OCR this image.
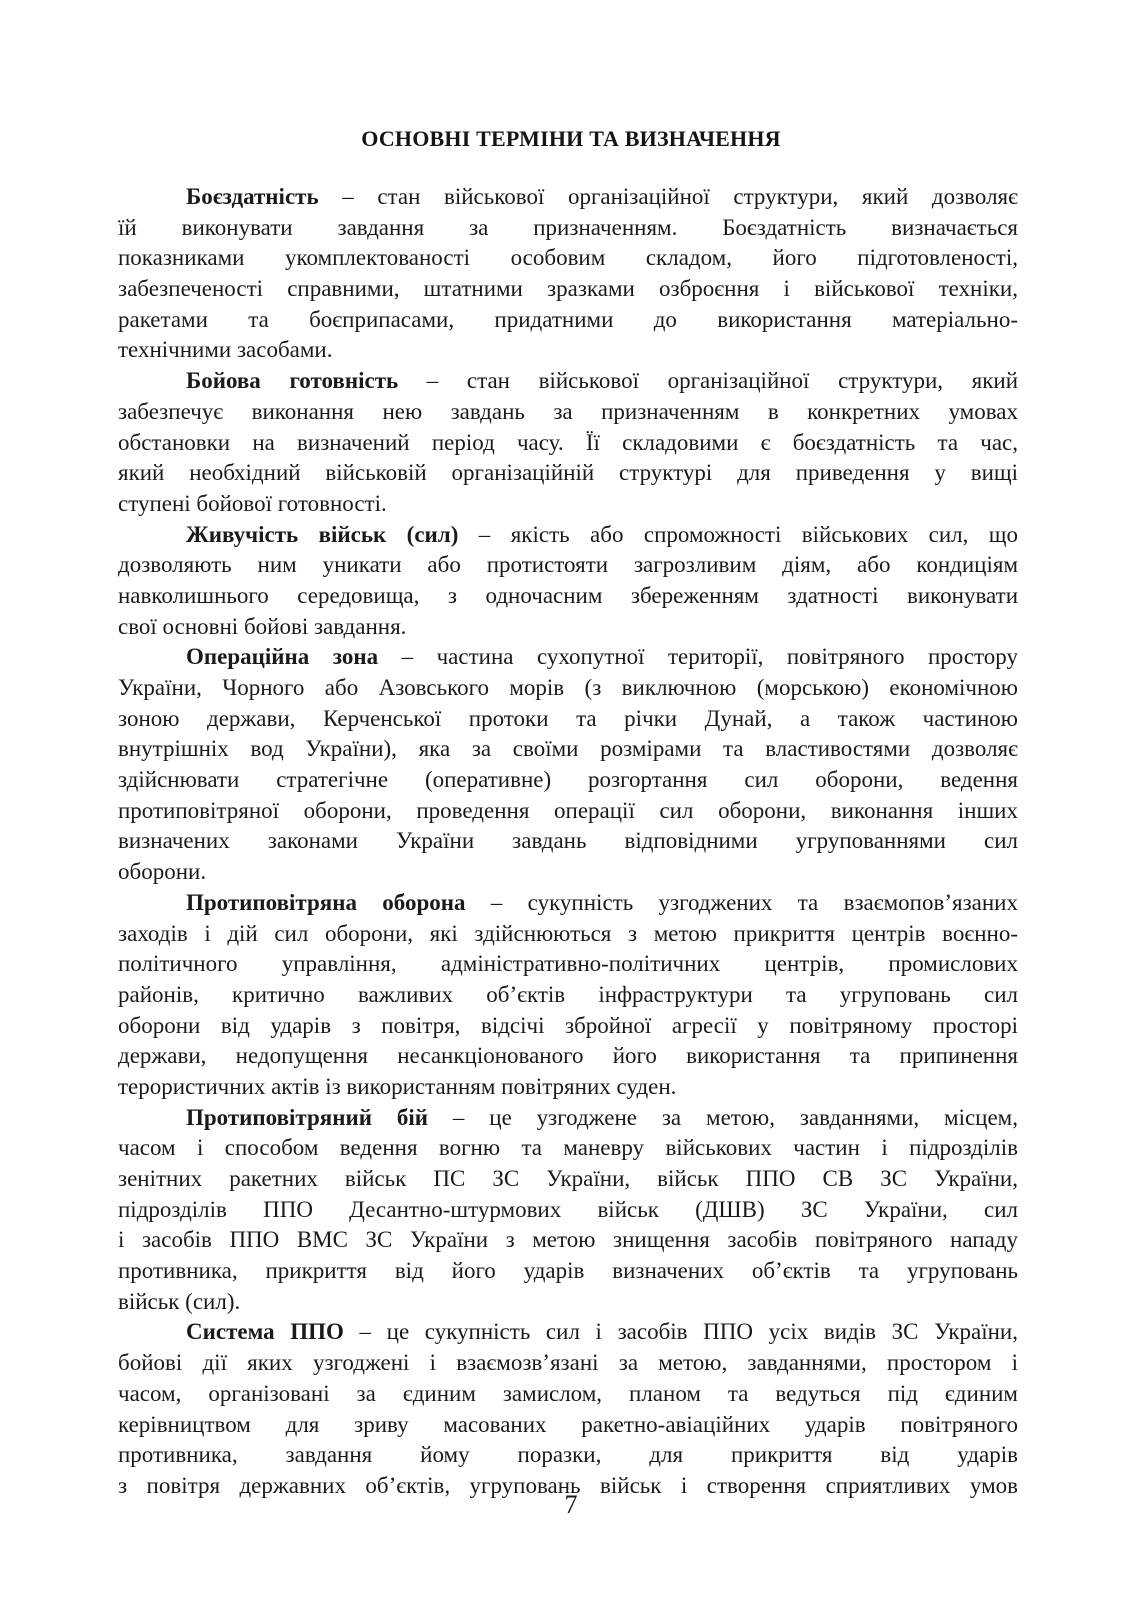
ОСНОВНІ ТЕРМІНИ ТА ВИЗНАЧЕННЯ
Боєздатність – стан військової організаційної структури, який дозволяє
їй виконувати завдання за призначенням. Боєздатність визначається
показниками укомплектованості особовим складом, його підготовленості,
забезпеченості справними, штатними зразками озброєння і військової техніки,
ракетами та боєприпасами, придатними до використання матеріально-
технічними засобами.
Бойова готовність – стан військової організаційної структури, який
забезпечує виконання нею завдань за призначенням в конкретних умовах
обстановки на визначений період часу. Її складовими є боєздатність та час,
який необхідний військовій організаційній структурі для приведення у вищі
ступені бойової готовності.
Живучість військ (сил) – якість або спроможності військових сил, що
дозволяють ним уникати або протистояти загрозливим діям, або кондиціям
навколишнього середовища, з одночасним збереженням здатності виконувати
свої основні бойові завдання.
Операційна зона – частина сухопутної території, повітряного простору
України, Чорного або Азовського морів (з виключною (морською) економічною
зоною держави, Керченської протоки та річки Дунай, а також частиною
внутрішніх вод України), яка за своїми розмірами та властивостями дозволяє
здійснювати стратегічне (оперативне) розгортання сил оборони, ведення
протиповітряної оборони, проведення операції сил оборони, виконання інших
визначених законами України завдань відповідними угрупованнями сил
оборони.
Протиповітряна оборона – сукупність узгоджених та взаємопов’язаних
заходів і дій сил оборони, які здійснюються з метою прикриття центрів воєнно-
політичного управління, адміністративно-політичних центрів, промислових
районів, критично важливих об’єктів інфраструктури та угруповань сил
оборони від ударів з повітря, відсічі збройної агресії у повітряному просторі
держави, недопущення несанкціонованого його використання та припинення
терористичних актів із використанням повітряних суден.
Протиповітряний бій – це узгоджене за метою, завданнями, місцем,
часом і способом ведення вогню та маневру військових частин і підрозділів
зенітних ракетних військ ПС ЗС України, військ ППО СВ ЗС України,
підрозділів ППО Десантно-штурмових військ (ДШВ) ЗС України, сил
і засобів ППО ВМС ЗС України з метою знищення засобів повітряного нападу
противника, прикриття від його ударів визначених об’єктів та угруповань
військ (сил).
Система ППО – це сукупність сил і засобів ППО усіх видів ЗС України,
бойові дії яких узгоджені і взаємозв’язані за метою, завданнями, простором і
часом, організовані за єдиним замислом, планом та ведуться під єдиним
керівництвом для зриву масованих ракетно-авіаційних ударів повітряного
противника, завдання йому поразки, для прикриття від ударів
з повітря державних об’єктів, угруповань військ і створення сприятливих умов
7
